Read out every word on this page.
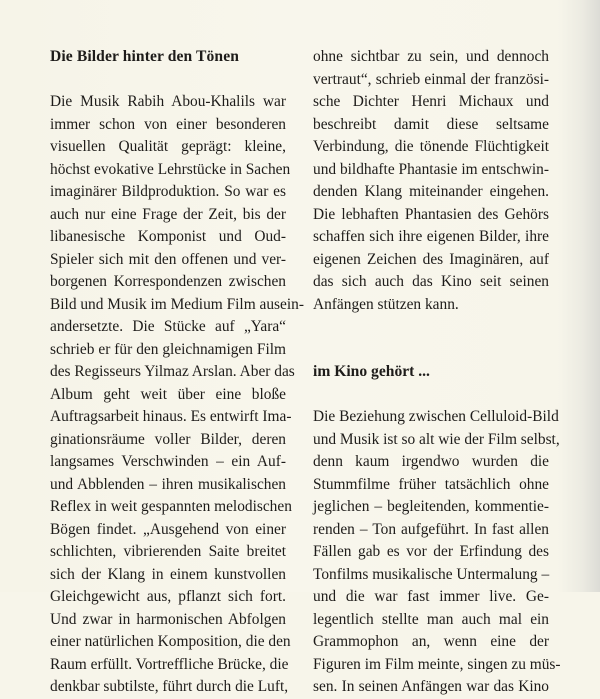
Die Bilder hinter den Tönen
Die Musik Rabih Abou-Khalils war
immer schon von einer besonderen
visuellen Qualität geprägt: kleine,
höchst evokative Lehrstücke in Sachen
imaginärer Bildproduktion. So war es
auch nur eine Frage der Zeit, bis der
libanesische Komponist und Oud-
Spieler sich mit den offenen und ver-
borgenen Korrespondenzen zwischen
Bild und Musik im Medium Film ausein-
andersetzte. Die Stücke auf „Yara“
schrieb er für den gleichnamigen Film
des Regisseurs Yilmaz Arslan. Aber das
Album geht weit über eine bloße
Auftragsarbeit hinaus. Es entwirft Ima-
ginationsräume voller Bilder, deren
langsames Verschwinden – ein Auf-
und Abblenden – ihren musikalischen
Reflex in weit gespannten melodischen
Bögen findet. „Ausgehend von einer
schlichten, vibrierenden Saite breitet
sich der Klang in einem kunstvollen
Gleichgewicht aus, pflanzt sich fort.
Und zwar in harmonischen Abfolgen
einer natürlichen Komposition, die den
Raum erfüllt. Vortreffliche Brücke, die
denkbar subtilste, führt durch die Luft,
ohne sichtbar zu sein, und dennoch
vertraut“, schrieb einmal der französi-
sche Dichter Henri Michaux und
beschreibt damit diese seltsame
Verbindung, die tönende Flüchtigkeit
und bildhafte Phantasie im entschwin-
denden Klang miteinander eingehen.
Die lebhaften Phantasien des Gehörs
schaffen sich ihre eigenen Bilder, ihre
eigenen Zeichen des Imaginären, auf
das sich auch das Kino seit seinen
Anfängen stützen kann.
im Kino gehört ...
Die Beziehung zwischen Celluloid-Bild
und Musik ist so alt wie der Film selbst,
denn kaum irgendwo wurden die
Stummfilme früher tatsächlich ohne
jeglichen – begleitenden, kommentie-
renden – Ton aufgeführt. In fast allen
Fällen gab es vor der Erfindung des
Tonfilms musikalische Untermalung –
und die war fast immer live. Ge-
legentlich stellte man auch mal ein
Grammophon an, wenn eine der
Figuren im Film meinte, singen zu müs-
sen. In seinen Anfängen war das Kino
